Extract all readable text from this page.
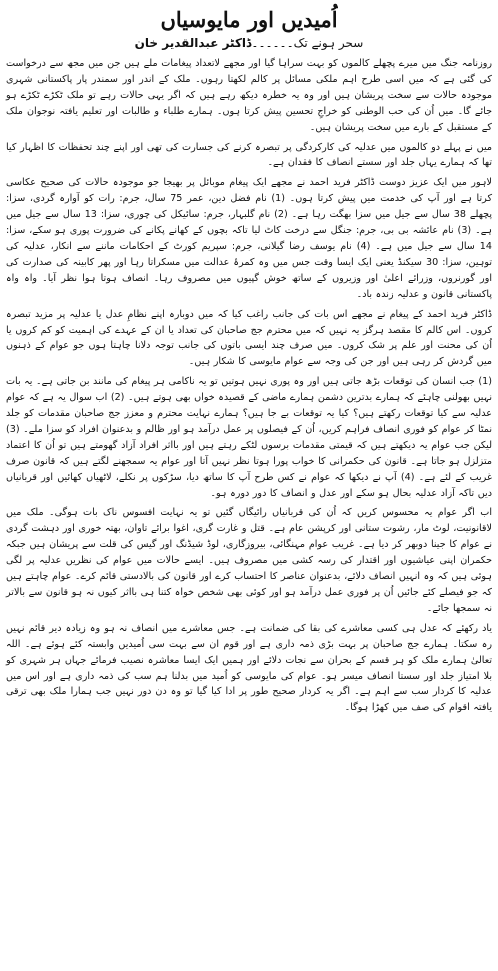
اُمیدیں اور مایوسیاں
سحر ہونے تک۔۔۔۔۔۔ڈاکٹر عبدالقدیر خان

روزنامہ جنگ میں میرے پچھلے کالموں کو بہت سراہا گیا اور مجھے لاتعداد پیغامات ملے ہیں جن میں مجھ سے درخواست کی گئی ہے کہ میں اسی طرح اہم ملکی مسائل پر کالم لکھتا رہوں۔ ملک کے اندر اور سمندر پار پاکستانی شہری موجودہ حالات سے سخت پریشان ہیں اور وہ یہ خطرہ دیکھ رہے ہیں کہ اگر یہی حالات رہے تو ملک ٹکڑے ٹکڑے ہو جائے گا۔ میں اُن کی حب الوطنی کو خراجِ تحسین پیش کرتا ہوں۔ ہمارے طلباء و طالبات اور تعلیم یافتہ نوجوان ملک کے مستقبل کے بارے میں سخت پریشان ہیں۔

میں نے پہلے دو کالموں میں عدلیہ کی کارکردگی پر تبصرہ کرنے کی جسارت کی تھی اور اپنے چند تحفظات کا اظہار کیا تھا کہ ہمارے یہاں جلد اور سستے انصاف کا فقدان ہے۔

لاہور میں ایک عزیز دوست ڈاکٹر فرید احمد نے مجھے ایک پیغام موبائل پر بھیجا جو موجودہ حالات کی صحیح عکاسی کرتا ہے اور آپ کی خدمت میں پیش کرتا ہوں۔ (1) نام فضل دین، عمر 75 سال، جرم: رات کو آوارہ گردی، سزا: پچھلے 38 سال سے جیل میں سزا بھگت رہا ہے۔ (2) نام گلبہار، جرم: سائیکل کی چوری، سزا: 13 سال سے جیل میں ہے۔ (3) نام عائشہ بی بی، جرم: جنگل سے درخت کاٹ لیا تاکہ بچوں کے کھانے پکانے کی ضرورت پوری ہو سکے، سزا: 14 سال سے جیل میں ہے۔ (4) نام یوسف رضا گیلانی، جرم: سپریم کورٹ کے احکامات ماننے سے انکار، عدلیہ کی توہین، سزا: 30 سیکنڈ یعنی ایک ایسا وقت جس میں وہ کمرۂ عدالت میں مسکراتا رہا اور پھر کابینہ کی صدارت کی اور گورنروں، وزرائے اعلیٰ اور وزیروں کے ساتھ خوش گپیوں میں مصروف رہا۔ انصاف ہوتا ہوا نظر آیا۔ واہ واہ پاکستانی قانون و عدلیہ زندہ باد۔

ڈاکٹر فرید احمد کے پیغام نے مجھے اس بات کی جانب راغب کیا کہ میں دوبارہ اپنے نظامِ عدل یا عدلیہ پر مزید تبصرہ کروں۔ اس کالم کا مقصد ہرگز یہ نہیں کہ میں محترم جج صاحبان کی تعداد یا ان کے عہدے کی اہمیت کو کم کروں یا اُن کی محنت اور علم پر شک کروں۔ میں صرف چند ایسی باتوں کی جانب توجہ دلانا چاہتا ہوں جو عوام کے ذہنوں میں گردش کر رہی ہیں اور جن کی وجہ سے عوام مایوسی کا شکار ہیں۔

(1) جب انسان کی توقعات بڑھ جاتی ہیں اور وہ پوری نہیں ہوتیں تو یہ ناکامی ہر پیغام کی مانند بن جاتی ہے۔ یہ بات نہیں بھولنی چاہئے کہ ہمارے بدترین دشمن ہمارے ماضی کے قصیدہ خواں بھی ہوتے ہیں۔ (2) اب سوال یہ ہے کہ عوام عدلیہ سے کیا توقعات رکھتے ہیں؟ کیا یہ توقعات بے جا ہیں؟ ہمارے نہایت محترم و معزز جج صاحبان مقدمات کو جلد نمٹا کر عوام کو فوری انصاف فراہم کریں، اُن کے فیصلوں پر عمل درآمد ہو اور ظالم و بدعنوان افراد کو سزا ملے۔ (3) لیکن جب عوام یہ دیکھتے ہیں کہ قیمتی مقدمات برسوں لٹکے رہتے ہیں اور بااثر افراد آزاد گھومتے ہیں تو اُن کا اعتماد متزلزل ہو جاتا ہے۔ قانون کی حکمرانی کا خواب پورا ہوتا نظر نہیں آتا اور عوام یہ سمجھنے لگتے ہیں کہ قانون صرف غریب کے لئے ہے۔ (4) آپ نے دیکھا کہ عوام نے کس طرح آپ کا ساتھ دیا، سڑکوں پر نکلے، لاٹھیاں کھائیں اور قربانیاں دیں تاکہ آزاد عدلیہ بحال ہو سکے اور عدل و انصاف کا دور دورہ ہو۔

اب اگر عوام یہ محسوس کریں کہ اُن کی قربانیاں رائیگاں گئیں تو یہ نہایت افسوس ناک بات ہوگی۔ ملک میں لاقانونیت، لوٹ مار، رشوت ستانی اور کرپشن عام ہے۔ قتل و غارت گری، اغوا برائے تاوان، بھتہ خوری اور دہشت گردی نے عوام کا جینا دوبھر کر دیا ہے۔ غریب عوام مہنگائی، بیروزگاری، لوڈ شیڈنگ اور گیس کی قلت سے پریشان ہیں جبکہ حکمران اپنی عیاشیوں اور اقتدار کی رسہ کشی میں مصروف ہیں۔ ایسے حالات میں عوام کی نظریں عدلیہ پر لگی ہوئی ہیں کہ وہ انہیں انصاف دلائے، بدعنوان عناصر کا احتساب کرے اور قانون کی بالادستی قائم کرے۔ عوام چاہتے ہیں کہ جو فیصلے کئے جائیں اُن پر فوری عمل درآمد ہو اور کوئی بھی شخص خواہ کتنا ہی بااثر کیوں نہ ہو قانون سے بالاتر نہ سمجھا جائے۔

یاد رکھئے کہ عدل ہی کسی معاشرے کی بقا کی ضمانت ہے۔ جس معاشرے میں انصاف نہ ہو وہ زیادہ دیر قائم نہیں رہ سکتا۔ ہمارے جج صاحبان پر بہت بڑی ذمہ داری ہے اور قوم ان سے بہت سی اُمیدیں وابستہ کئے ہوئے ہے۔ اللہ تعالیٰ ہمارے ملک کو ہر قسم کے بحران سے نجات دلائے اور ہمیں ایک ایسا معاشرہ نصیب فرمائے جہاں ہر شہری کو بلا امتیاز جلد اور سستا انصاف میسر ہو۔ عوام کی مایوسی کو اُمید میں بدلنا ہم سب کی ذمہ داری ہے اور اس میں عدلیہ کا کردار سب سے اہم ہے۔ اگر یہ کردار صحیح طور پر ادا کیا گیا تو وہ دن دور نہیں جب ہمارا ملک بھی ترقی یافتہ اقوام کی صف میں کھڑا ہوگا۔
